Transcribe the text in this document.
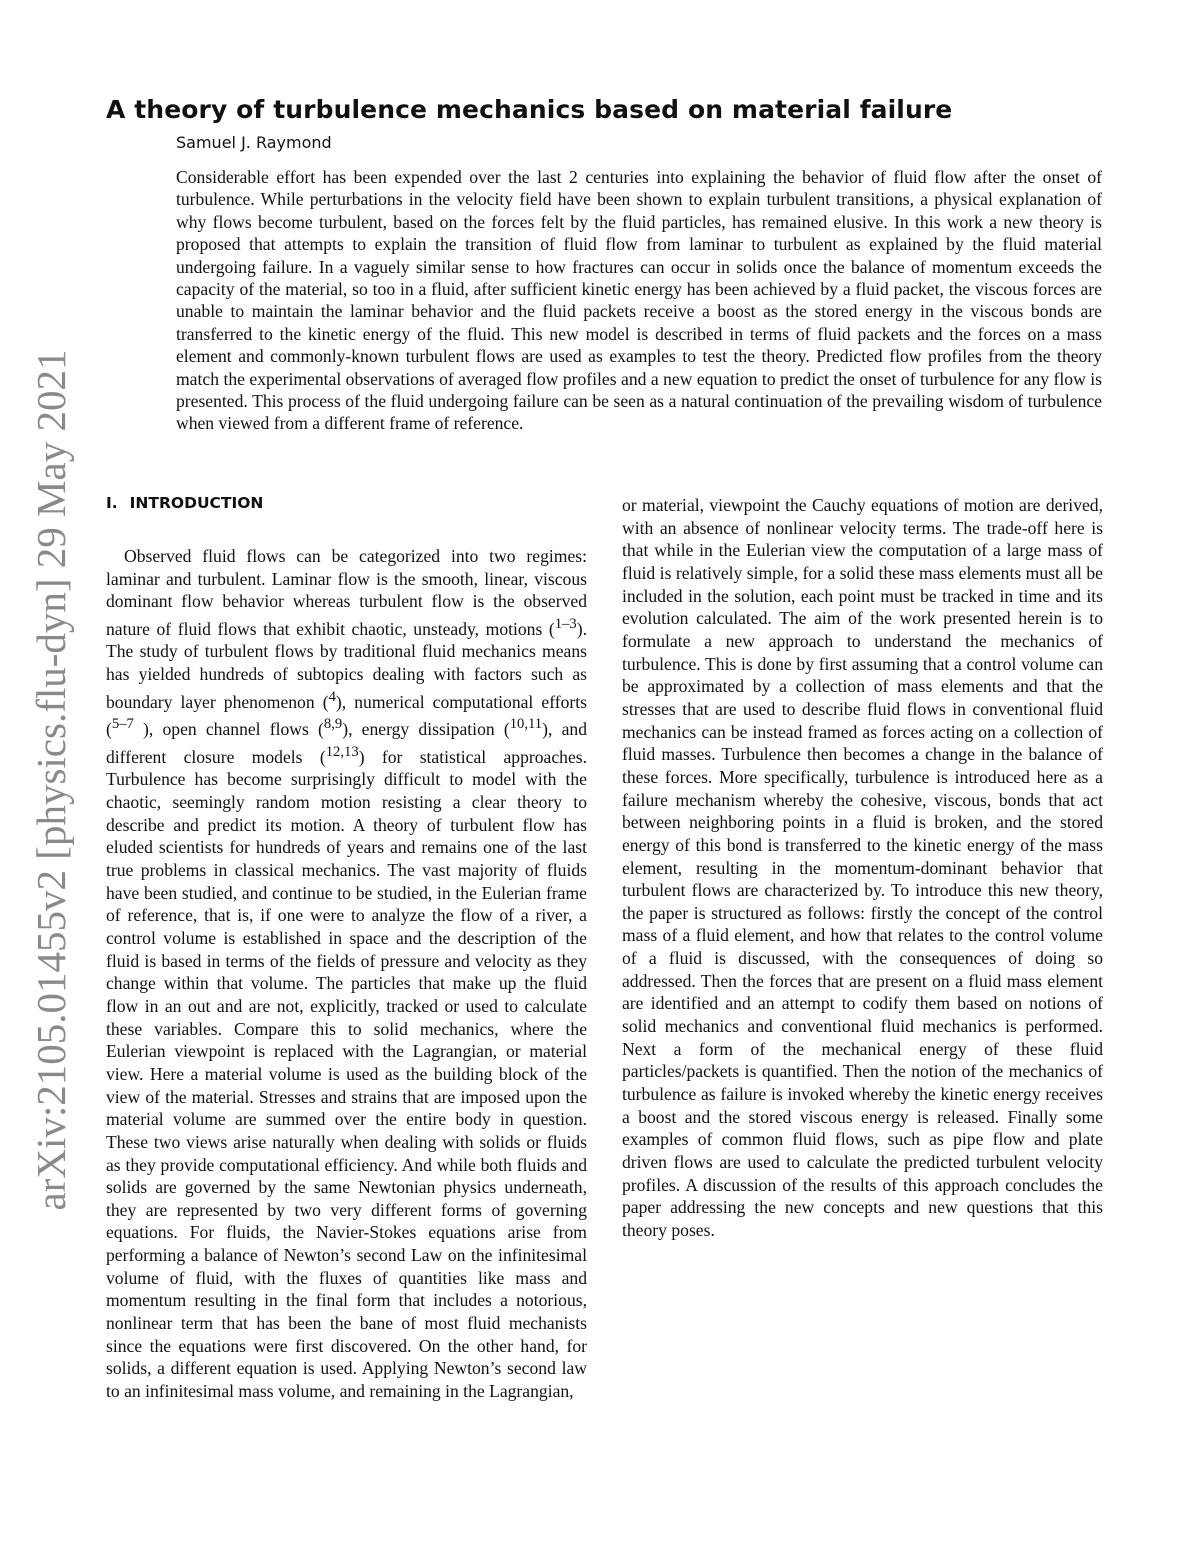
arXiv:2105.01455v2 [physics.flu-dyn] 29 May 2021
A theory of turbulence mechanics based on material failure
Samuel J. Raymond

Considerable effort has been expended over the last 2 centuries into explaining the behavior of fluid flow after the onset of turbulence. While perturbations in the velocity field have been shown to explain turbulent transitions, a physical explanation of why flows become turbulent, based on the forces felt by the fluid particles, has remained elusive. In this work a new theory is proposed that attempts to explain the transition of fluid flow from laminar to turbulent as explained by the fluid material undergoing failure. In a vaguely similar sense to how fractures can occur in solids once the balance of momentum exceeds the capacity of the material, so too in a fluid, after sufficient kinetic energy has been achieved by a fluid packet, the viscous forces are unable to maintain the laminar behavior and the fluid packets receive a boost as the stored energy in the viscous bonds are transferred to the kinetic energy of the fluid. This new model is described in terms of fluid packets and the forces on a mass element and commonly-known turbulent flows are used as examples to test the theory. Predicted flow profiles from the theory match the experimental observations of averaged flow profiles and a new equation to predict the onset of turbulence for any flow is presented. This process of the fluid undergoing failure can be seen as a natural continuation of the prevailing wisdom of turbulence when viewed from a different frame of reference.

I. INTRODUCTION

Observed fluid flows can be categorized into two regimes: laminar and turbulent. Laminar flow is the smooth, linear, viscous dominant flow behavior whereas turbulent flow is the observed nature of fluid flows that exhibit chaotic, unsteady, motions ($^{1-3}$). The study of turbulent flows by traditional fluid mechanics means has yielded hundreds of subtopics dealing with factors such as boundary layer phenomenon ($^4$), numerical computational efforts ($^{5-7}$ ), open channel flows ($^{8,9}$), energy dissipation ($^{10,11}$), and different closure models ($^{12,13}$) for statistical approaches. Turbulence has become surprisingly difficult to model with the chaotic, seemingly random motion resisting a clear theory to describe and predict its motion. A theory of turbulent flow has eluded scientists for hundreds of years and remains one of the last true problems in classical mechanics. The vast majority of fluids have been studied, and continue to be studied, in the Eulerian frame of reference, that is, if one were to analyze the flow of a river, a control volume is established in space and the description of the fluid is based in terms of the fields of pressure and velocity as they change within that volume. The particles that make up the fluid flow in an out and are not, explicitly, tracked or used to calculate these variables. Compare this to solid mechanics, where the Eulerian viewpoint is replaced with the Lagrangian, or material view. Here a material volume is used as the building block of the view of the material. Stresses and strains that are imposed upon the material volume are summed over the entire body in question. These two views arise naturally when dealing with solids or fluids as they provide computational efficiency. And while both fluids and solids are governed by the same Newtonian physics underneath, they are represented by two very different forms of governing equations. For fluids, the Navier-Stokes equations arise from performing a balance of Newton’s second Law on the infinitesimal volume of fluid, with the fluxes of quantities like mass and momentum resulting in the final form that includes a notorious, nonlinear term that has been the bane of most fluid mechanists since the equations were first discovered. On the other hand, for solids, a different equation is used. Applying Newton’s second law to an infinitesimal mass volume, and remaining in the Lagrangian,

or material, viewpoint the Cauchy equations of motion are derived, with an absence of nonlinear velocity terms. The trade-off here is that while in the Eulerian view the computation of a large mass of fluid is relatively simple, for a solid these mass elements must all be included in the solution, each point must be tracked in time and its evolution calculated. The aim of the work presented herein is to formulate a new approach to understand the mechanics of turbulence. This is done by first assuming that a control volume can be approximated by a collection of mass elements and that the stresses that are used to describe fluid flows in conventional fluid mechanics can be instead framed as forces acting on a collection of fluid masses. Turbulence then becomes a change in the balance of these forces. More specifically, turbulence is introduced here as a failure mechanism whereby the cohesive, viscous, bonds that act between neighboring points in a fluid is broken, and the stored energy of this bond is transferred to the kinetic energy of the mass element, resulting in the momentum-dominant behavior that turbulent flows are characterized by. To introduce this new theory, the paper is structured as follows: firstly the concept of the control mass of a fluid element, and how that relates to the control volume of a fluid is discussed, with the consequences of doing so addressed. Then the forces that are present on a fluid mass element are identified and an attempt to codify them based on notions of solid mechanics and conventional fluid mechanics is performed. Next a form of the mechanical energy of these fluid particles/packets is quantified. Then the notion of the mechanics of turbulence as failure is invoked whereby the kinetic energy receives a boost and the stored viscous energy is released. Finally some examples of common fluid flows, such as pipe flow and plate driven flows are used to calculate the predicted turbulent velocity profiles. A discussion of the results of this approach concludes the paper addressing the new concepts and new questions that this theory poses.
